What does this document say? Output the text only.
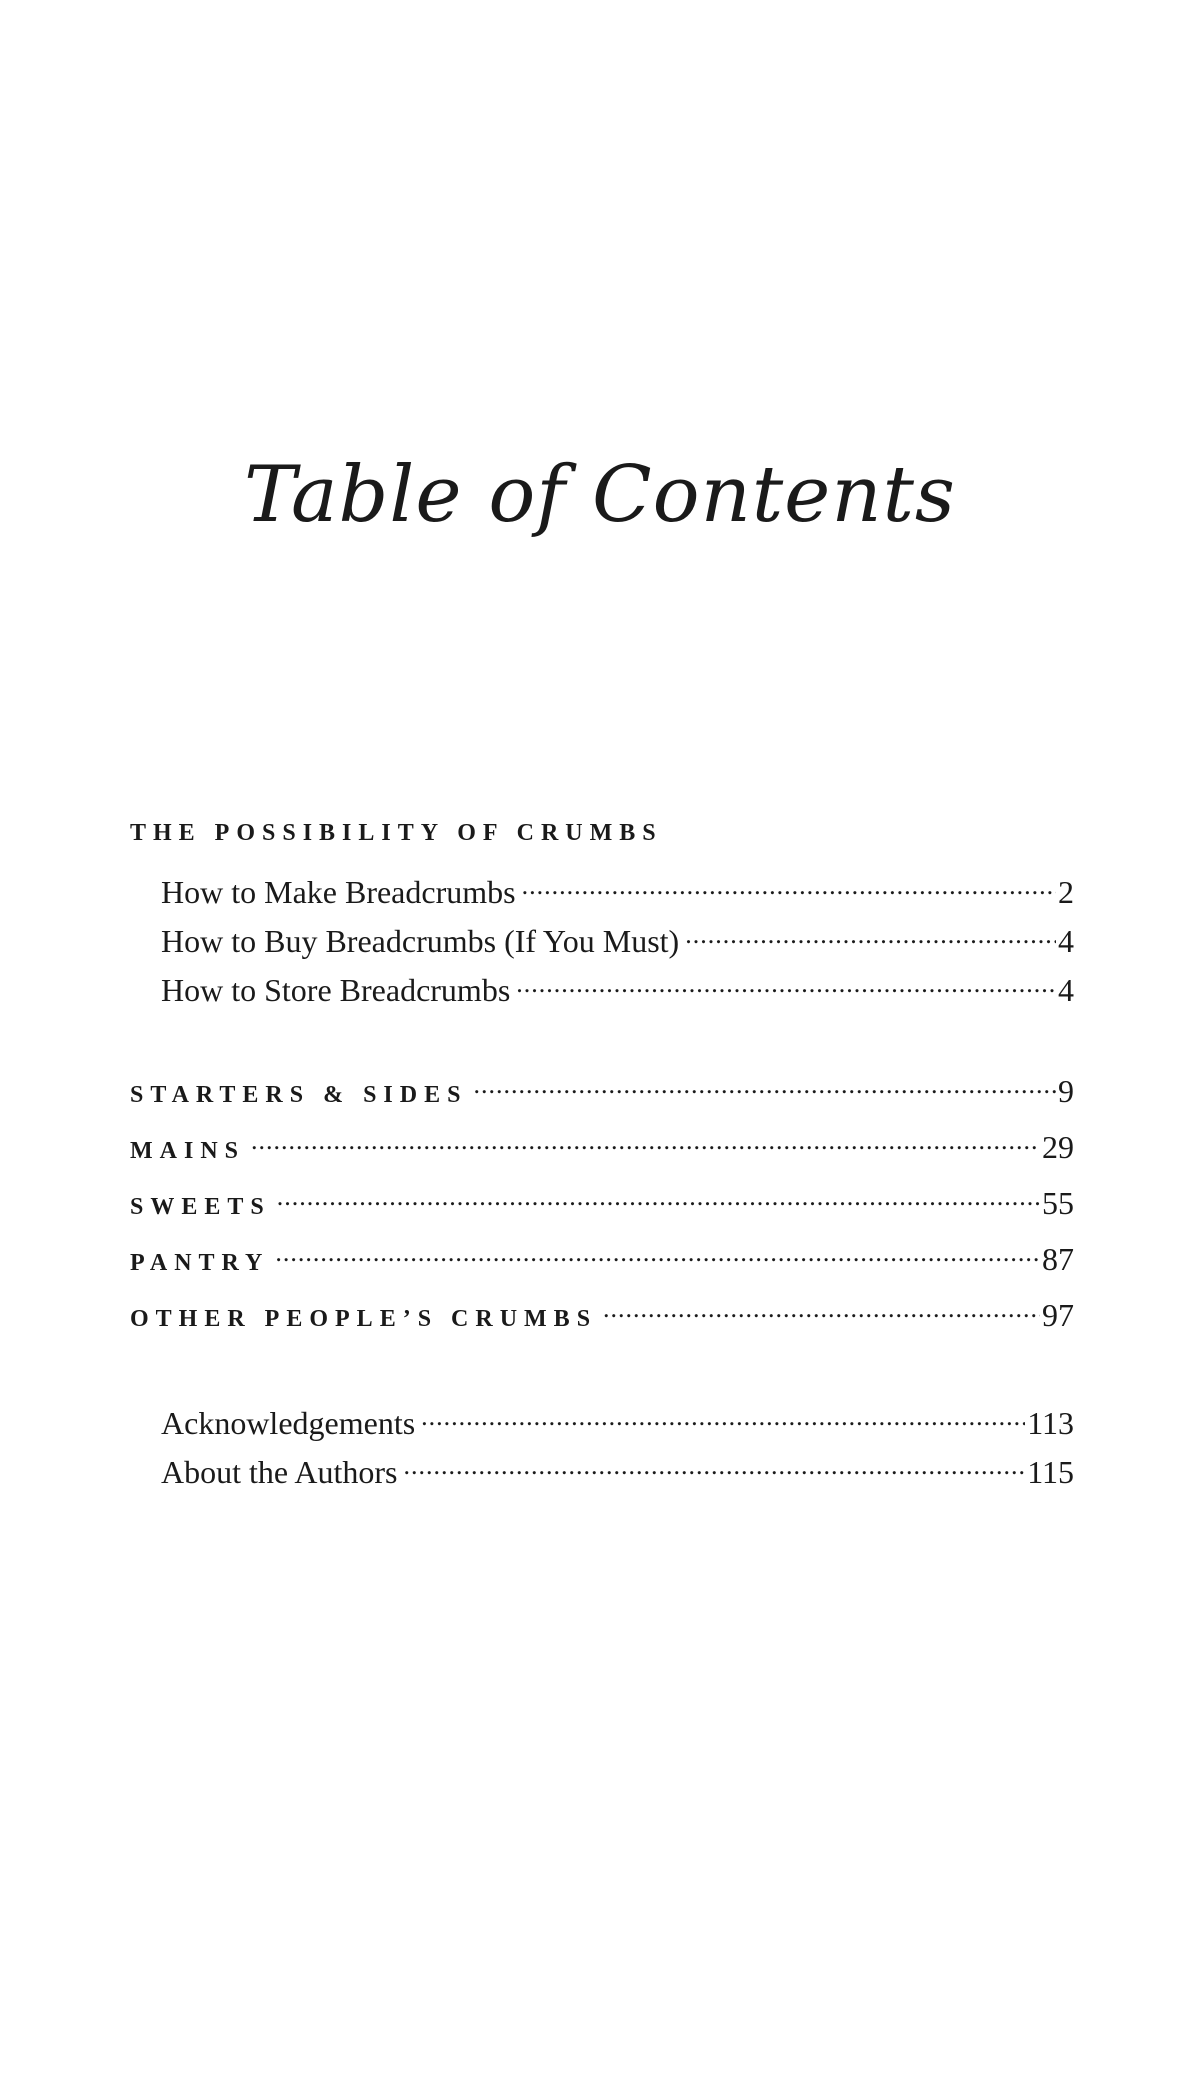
Table of Contents
THE POSSIBILITY OF CRUMBS
How to Make Breadcrumbs .....	2
How to Buy Breadcrumbs (If You Must) .....	4
How to Store Breadcrumbs .....	4
STARTERS & SIDES .....	9
MAINS .....	29
SWEETS .....	55
PANTRY .....	87
OTHER PEOPLE’S CRUMBS .....	97
Acknowledgements .....	113
About the Authors .....	115
